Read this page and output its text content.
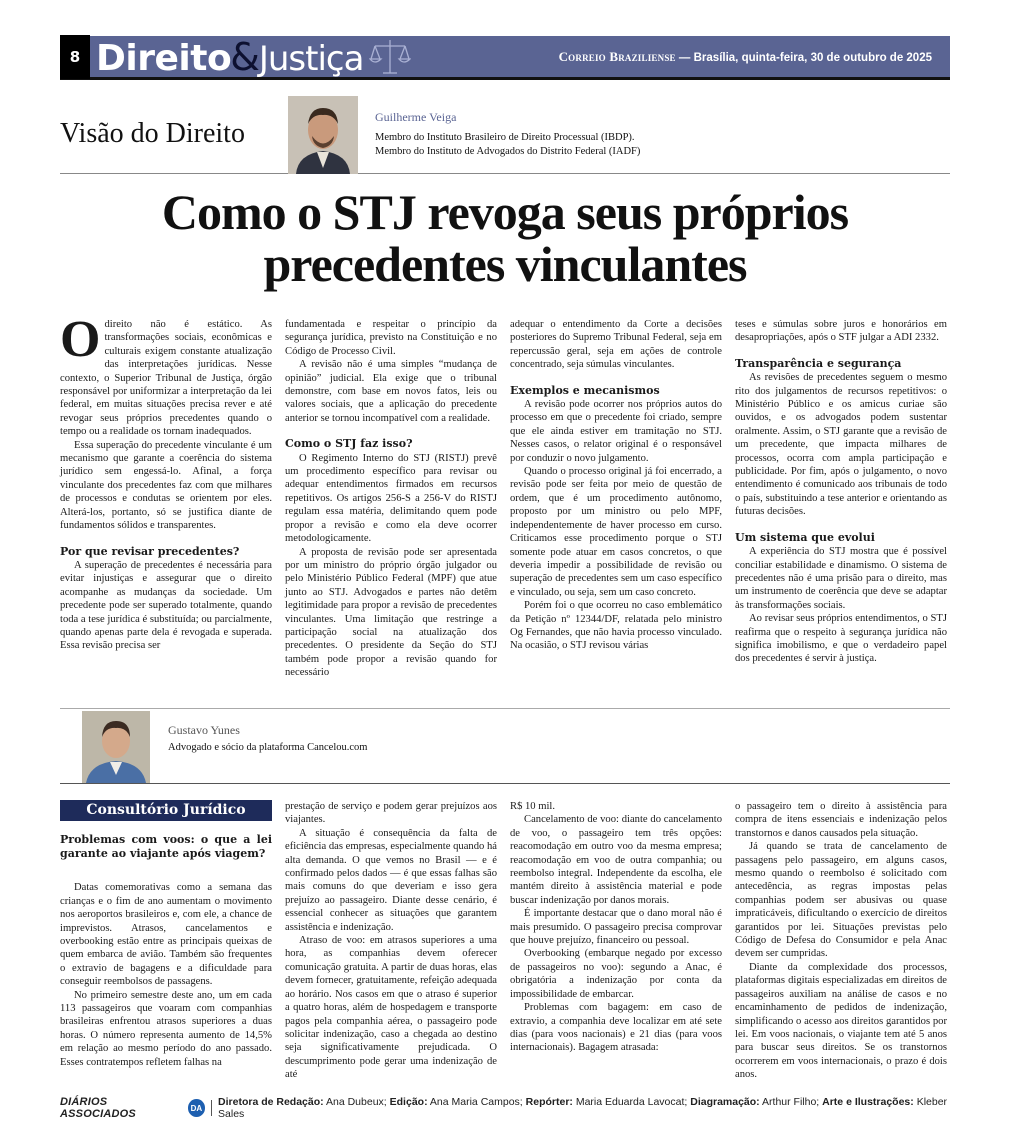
8 Direito & Justiça	Correio Braziliense — Brasília, quinta-feira, 30 de outubro de 2025
Visão do Direito
Guilherme Veiga
Membro do Instituto Brasileiro de Direito Processual (IBDP).
Membro do Instituto de Advogados do Distrito Federal (IADF)
Como o STJ revoga seus próprios
precedentes vinculantes

Odireito não é estático. As transformações sociais, econômicas e culturais exigem constante atualização das interpretações jurídicas. Nesse contexto, o Superior Tribunal de Justiça, órgão responsável por uniformizar a interpretação da lei federal, em muitas situações precisa rever e até revogar seus próprios precedentes quando o tempo ou a realidade os tornam inadequados.

Essa superação do precedente vinculante é um mecanismo que garante a coerência do sistema jurídico sem engessá-lo. Afinal, a força vinculante dos precedentes faz com que milhares de processos e condutas se orientem por eles. Alterá-los, portanto, só se justifica diante de fundamentos sólidos e transparentes.

Por que revisar precedentes?

A superação de precedentes é necessária para evitar injustiças e assegurar que o direito acompanhe as mudanças da sociedade. Um precedente pode ser superado totalmente, quando toda a tese jurídica é substituída; ou parcialmente, quando apenas parte dela é revogada e superada. Essa revisão precisa ser

fundamentada e respeitar o princípio da segurança jurídica, previsto na Constituição e no Código de Processo Civil.

A revisão não é uma simples “mudança de opinião” judicial. Ela exige que o tribunal demonstre, com base em novos fatos, leis ou valores sociais, que a aplicação do precedente anterior se tornou incompatível com a realidade.

Como o STJ faz isso?

O Regimento Interno do STJ (RISTJ) prevê um procedimento específico para revisar ou adequar entendimentos firmados em recursos repetitivos. Os artigos 256-S a 256-V do RISTJ regulam essa matéria, delimitando quem pode propor a revisão e como ela deve ocorrer metodologicamente.

A proposta de revisão pode ser apresentada por um ministro do próprio órgão julgador ou pelo Ministério Público Federal (MPF) que atue junto ao STJ. Advogados e partes não detêm legitimidade para propor a revisão de precedentes vinculantes. Uma limitação que restringe a participação social na atualização dos precedentes. O presidente da Seção do STJ também pode propor a revisão quando for necessário

adequar o entendimento da Corte a decisões posteriores do Supremo Tribunal Federal, seja em repercussão geral, seja em ações de controle concentrado, seja súmulas vinculantes.

Exemplos e mecanismos

A revisão pode ocorrer nos próprios autos do processo em que o precedente foi criado, sempre que ele ainda estiver em tramitação no STJ. Nesses casos, o relator original é o responsável por conduzir o novo julgamento.

Quando o processo original já foi encerrado, a revisão pode ser feita por meio de questão de ordem, que é um procedimento autônomo, proposto por um ministro ou pelo MPF, independentemente de haver processo em curso. Criticamos esse procedimento porque o STJ somente pode atuar em casos concretos, o que deveria impedir a possibilidade de revisão ou superação de precedentes sem um caso específico e vinculado, ou seja, sem um caso concreto.

Porém foi o que ocorreu no caso emblemático da Petição nº 12344/DF, relatada pelo ministro Og Fernandes, que não havia processo vinculado. Na ocasião, o STJ revisou várias

teses e súmulas sobre juros e honorários em desapropriações, após o STF julgar a ADI 2332.

Transparência e segurança

As revisões de precedentes seguem o mesmo rito dos julgamentos de recursos repetitivos: o Ministério Público e os amicus curiae são ouvidos, e os advogados podem sustentar oralmente. Assim, o STJ garante que a revisão de um precedente, que impacta milhares de processos, ocorra com ampla participação e publicidade. Por fim, após o julgamento, o novo entendimento é comunicado aos tribunais de todo o país, substituindo a tese anterior e orientando as futuras decisões.

Um sistema que evolui

A experiência do STJ mostra que é possível conciliar estabilidade e dinamismo. O sistema de precedentes não é uma prisão para o direito, mas um instrumento de coerência que deve se adaptar às transformações sociais.

Ao revisar seus próprios entendimentos, o STJ reafirma que o respeito à segurança jurídica não significa imobilismo, e que o verdadeiro papel dos precedentes é servir à justiça.

Gustavo Yunes
Advogado e sócio da plataforma Cancelou.com
Consultório Jurídico
Problemas com voos: o que a lei garante ao viajante após viagem?

Datas comemorativas como a semana das crianças e o fim de ano aumentam o movimento nos aeroportos brasileiros e, com ele, a chance de imprevistos. Atrasos, cancelamentos e overbooking estão entre as principais queixas de quem embarca de avião. Também são frequentes o extravio de bagagens e a dificuldade para conseguir reembolsos de passagens.

No primeiro semestre deste ano, um em cada 113 passageiros que voaram com companhias brasileiras enfrentou atrasos superiores a duas horas. O número representa aumento de 14,5% em relação ao mesmo período do ano passado. Esses contratempos refletem falhas na

prestação de serviço e podem gerar prejuízos aos viajantes.

A situação é consequência da falta de eficiência das empresas, especialmente quando há alta demanda. O que vemos no Brasil — e é confirmado pelos dados — é que essas falhas são mais comuns do que deveriam e isso gera prejuízo ao passageiro. Diante desse cenário, é essencial conhecer as situações que garantem assistência e indenização.

Atraso de voo: em atrasos superiores a uma hora, as companhias devem oferecer comunicação gratuita. A partir de duas horas, elas devem fornecer, gratuitamente, refeição adequada ao horário. Nos casos em que o atraso é superior a quatro horas, além de hospedagem e transporte pagos pela companhia aérea, o passageiro pode solicitar indenização, caso a chegada ao destino seja significativamente prejudicada. O descumprimento pode gerar uma indenização de até

R$ 10 mil.

Cancelamento de voo: diante do cancelamento de voo, o passageiro tem três opções: reacomodação em outro voo da mesma empresa; reacomodação em voo de outra companhia; ou reembolso integral. Independente da escolha, ele mantém direito à assistência material e pode buscar indenização por danos morais.

É importante destacar que o dano moral não é mais presumido. O passageiro precisa comprovar que houve prejuízo, financeiro ou pessoal.

Overbooking (embarque negado por excesso de passageiros no voo): segundo a Anac, é obrigatória a indenização por conta da impossibilidade de embarcar.

Problemas com bagagem: em caso de extravio, a companhia deve localizar em até sete dias (para voos nacionais) e 21 dias (para voos internacionais). Bagagem atrasada:

o passageiro tem o direito à assistência para compra de itens essenciais e indenização pelos transtornos e danos causados pela situação.

Já quando se trata de cancelamento de passagens pelo passageiro, em alguns casos, mesmo quando o reembolso é solicitado com antecedência, as regras impostas pelas companhias podem ser abusivas ou quase impraticáveis, dificultando o exercício de direitos garantidos por lei. Situações previstas pelo Código de Defesa do Consumidor e pela Anac devem ser cumpridas.

Diante da complexidade dos processos, plataformas digitais especializadas em direitos de passageiros auxiliam na análise de casos e no encaminhamento de pedidos de indenização, simplificando o acesso aos direitos garantidos por lei. Em voos nacionais, o viajante tem até 5 anos para buscar seus direitos. Se os transtornos ocorrerem em voos internacionais, o prazo é dois anos.

DIÁRIOS ASSOCIADOS	DA Diretora de Redação: Ana Dubeux; Edição: Ana Maria Campos; Repórter: Maria Eduarda Lavocat; Diagramação: Arthur Filho; Arte e Ilustrações: Kleber Sales
